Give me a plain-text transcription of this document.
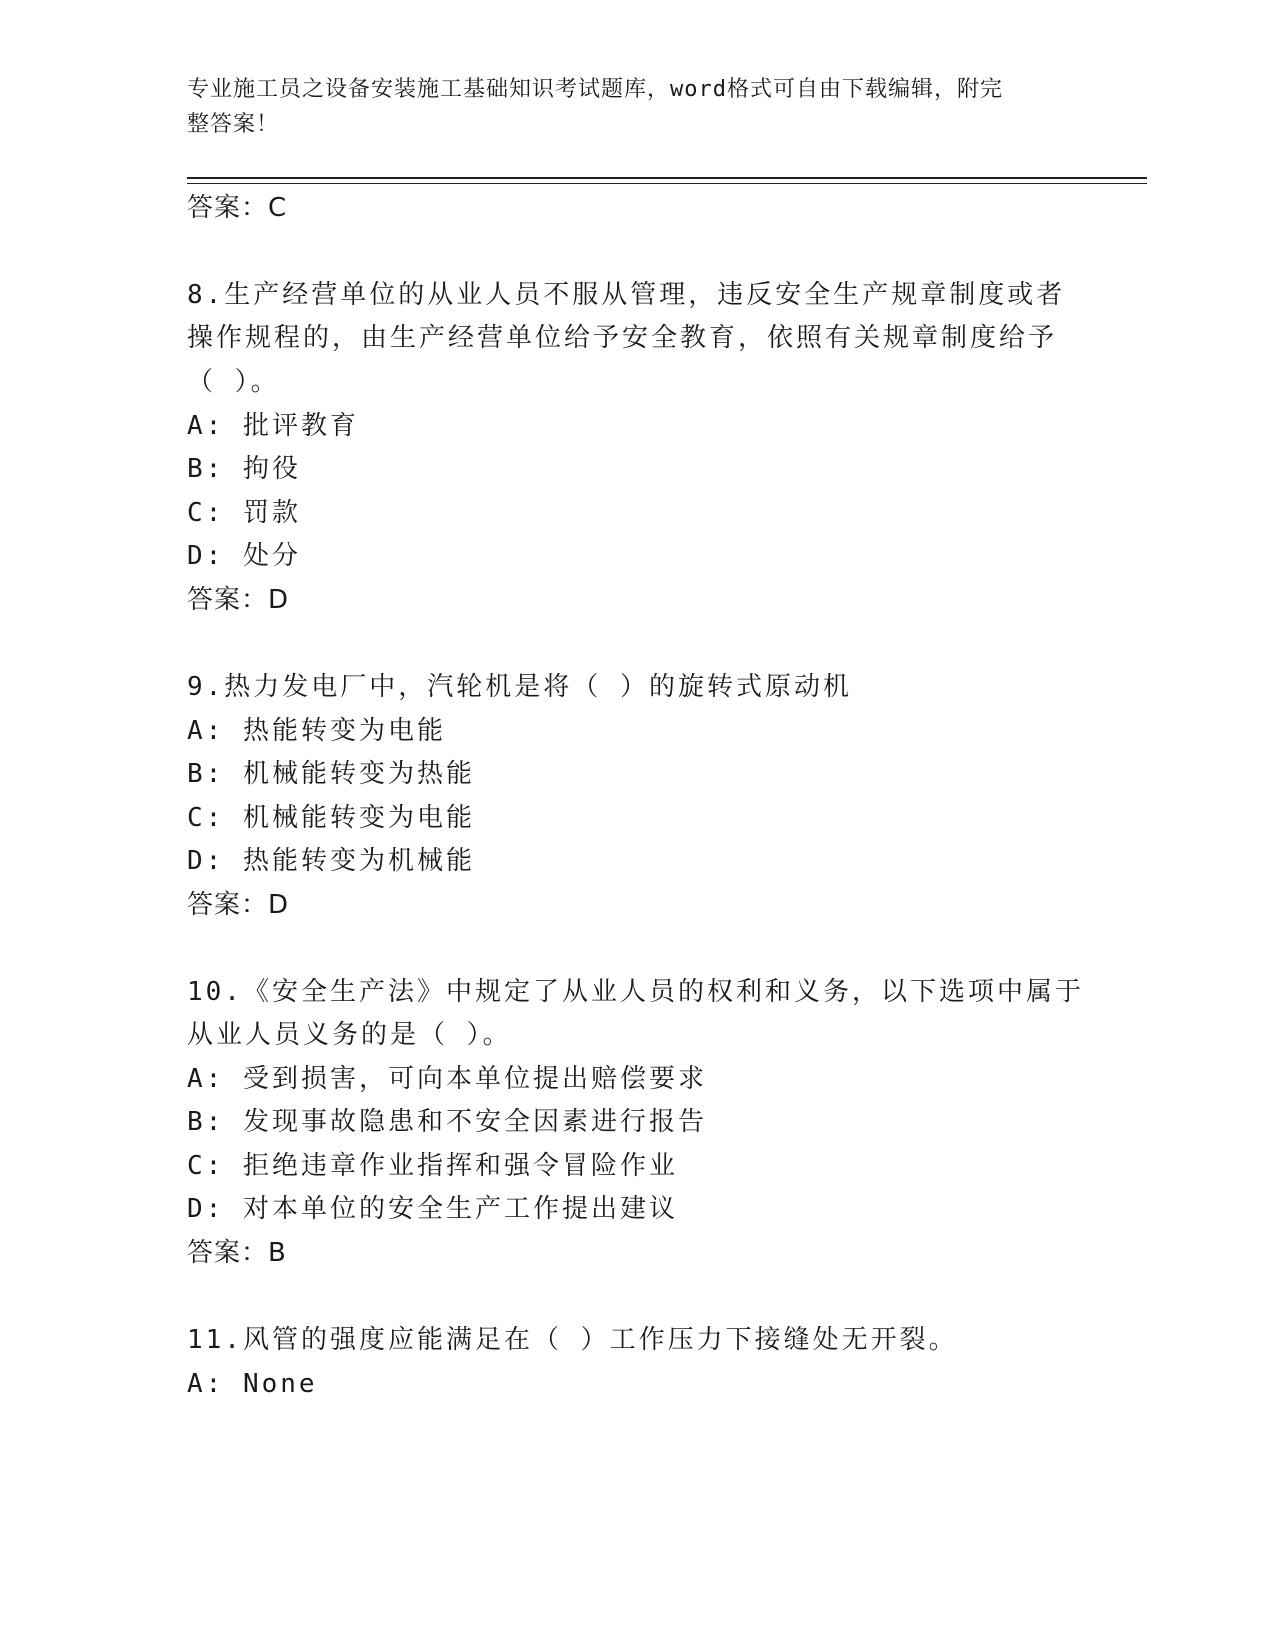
专业施工员之设备安装施工基础知识考试题库，word格式可自由下载编辑，附完
整答案！
答案：C
8.生产经营单位的从业人员不服从管理，违反安全生产规章制度或者
操作规程的，由生产经营单位给予安全教育，依照有关规章制度给予
（ ）。
A: 批评教育
B: 拘役
C: 罚款
D: 处分
答案：D
9.热力发电厂中，汽轮机是将（ ）的旋转式原动机
A: 热能转变为电能
B: 机械能转变为热能
C: 机械能转变为电能
D: 热能转变为机械能
答案：D
10.《安全生产法》中规定了从业人员的权利和义务，以下选项中属于
从业人员义务的是（ ）。
A: 受到损害，可向本单位提出赔偿要求
B: 发现事故隐患和不安全因素进行报告
C: 拒绝违章作业指挥和强令冒险作业
D: 对本单位的安全生产工作提出建议
答案：B
11.风管的强度应能满足在（ ）工作压力下接缝处无开裂。
A: None
